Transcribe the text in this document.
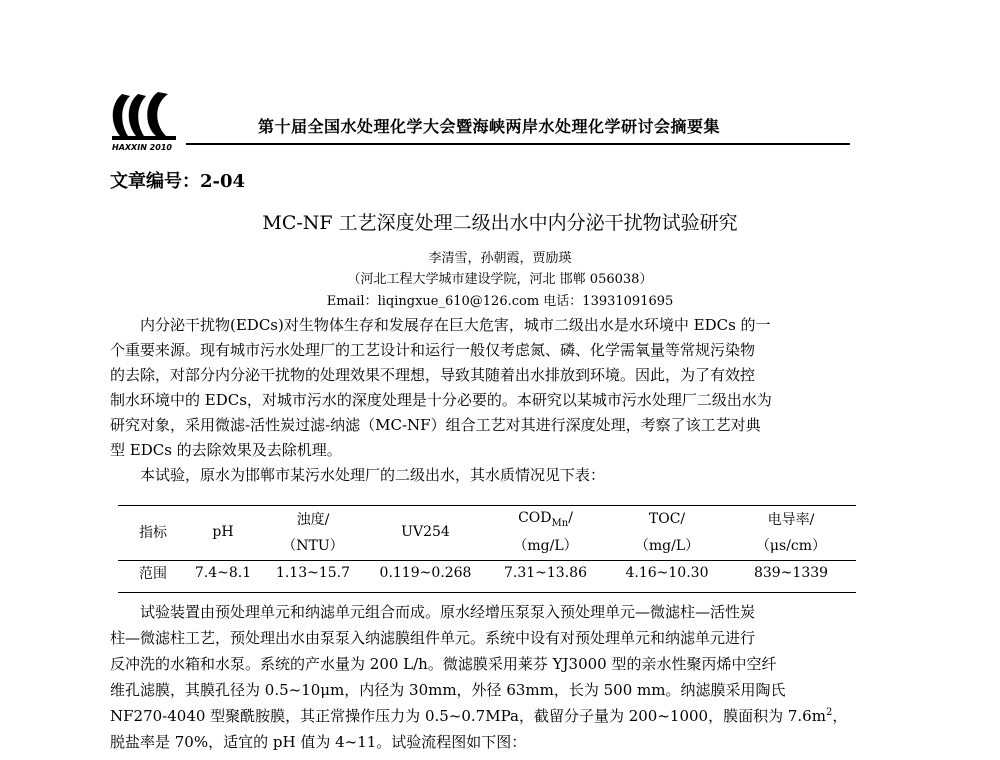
HAXXIN 2010
第十届全国水处理化学大会暨海峡两岸水处理化学研讨会摘要集
文章编号：2-04
MC-NF 工艺深度处理二级出水中内分泌干扰物试验研究
李清雪，孙朝霞，贾励瑛
（河北工程大学城市建设学院，河北 邯郸 056038）
Email：liqingxue_610@126.com 电话：13931091695
　　内分泌干扰物(EDCs)对生物体生存和发展存在巨大危害，城市二级出水是水环境中 EDCs 的一
个重要来源。现有城市污水处理厂的工艺设计和运行一般仅考虑氮、磷、化学需氧量等常规污染物
的去除，对部分内分泌干扰物的处理效果不理想，导致其随着出水排放到环境。因此，为了有效控
制水环境中的 EDCs，对城市污水的深度处理是十分必要的。本研究以某城市污水处理厂二级出水为
研究对象，采用微滤-活性炭过滤-纳滤（MC-NF）组合工艺对其进行深度处理，考察了该工艺对典
型 EDCs 的去除效果及去除机理。
　　本试验，原水为邯郸市某污水处理厂的二级出水，其水质情况见下表：
指标	pH	浊度/	UV254	$COD_{Mn}/$	TOC/	电导率/
		（NTU）		（mg/L）	（mg/L）	（μs/cm）
范围	7.4~8.1	1.13~15.7	0.119~0.268	7.31~13.86	4.16~10.30	839~1339
　　试验装置由预处理单元和纳滤单元组合而成。原水经增压泵泵入预处理单元—微滤柱—活性炭
柱—微滤柱工艺，预处理出水由泵泵入纳滤膜组件单元。系统中设有对预处理单元和纳滤单元进行
反冲洗的水箱和水泵。系统的产水量为 200 L/h。微滤膜采用莱芬 YJ3000 型的亲水性聚丙烯中空纤
维孔滤膜，其膜孔径为 0.5~10μm，内径为 30mm，外径 63mm，长为 500 mm。纳滤膜采用陶氏
NF270-4040 型聚酰胺膜，其正常操作压力为 0.5~0.7MPa，截留分子量为 200~1000，膜面积为 $7.6m^2$，
脱盐率是 70%，适宜的 pH 值为 4~11。试验流程图如下图：
